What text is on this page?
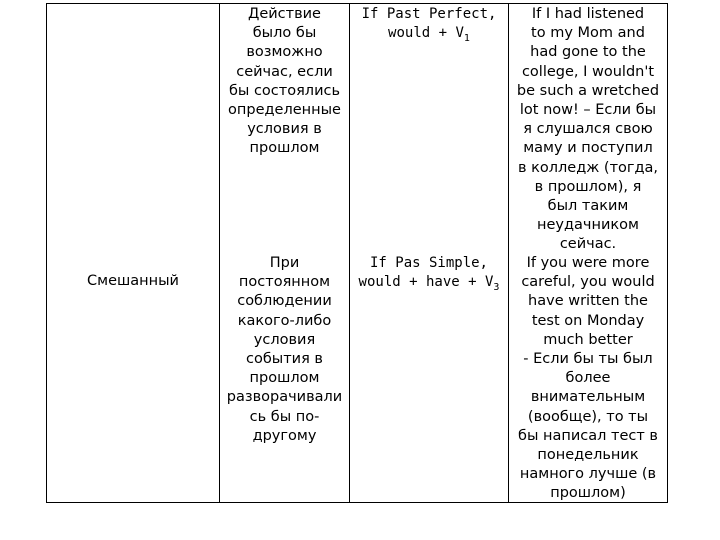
Смешанный
Действие
было бы
возможно
сейчас, если
бы состоялись
определенные
условия в
прошлом
If Past Perfect,
would + $V_1$
If I had listened
to my Mom and
had gone to the
college, I wouldn't
be such a wretched
lot now! – Если бы
я слушался свою
маму и поступил
в колледж (тогда,
в прошлом), я
был таким
неудачником
сейчас.
При
постоянном
соблюдении
какого-либо
условия
события в
прошлом
разворачивали
сь бы по-
другому
If Pas Simple,
would + have + $V_3$
If you were more
careful, you would
have written the
test on Monday
much better
- Если бы ты был
более
внимательным
(вообще), то ты
бы написал тест в
понедельник
намного лучше (в
прошлом)
